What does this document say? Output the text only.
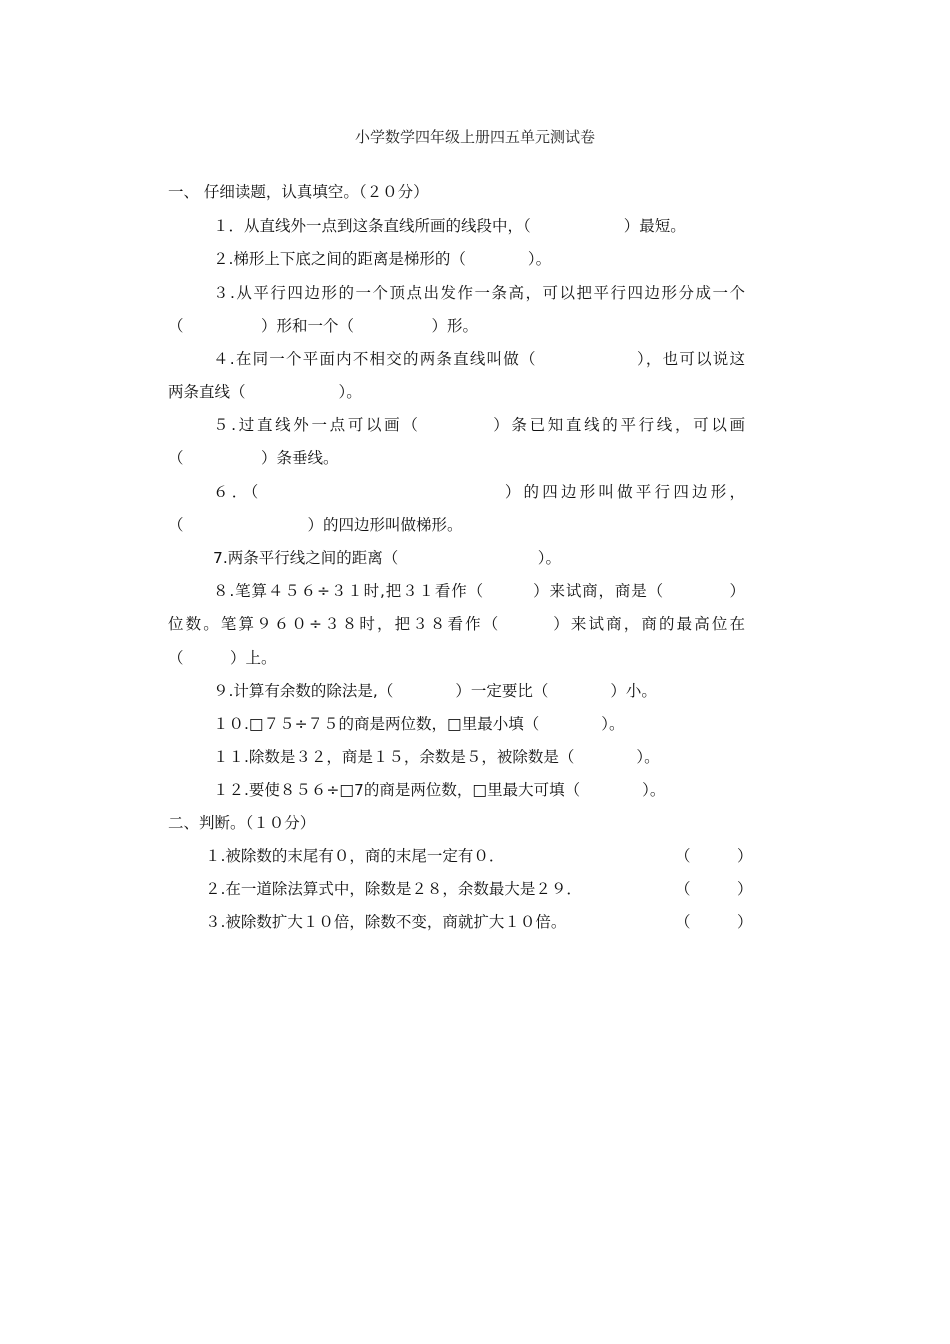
小学数学四年级上册四五单元测试卷
一、 仔细读题，认真填空。（２０分）
１．从直线外一点到这条直线所画的线段中，（　　　　　　）最短。
２.梯形上下底之间的距离是梯形的（　　　　）。
３.从平行四边形的一个顶点出发作一条高，可以把平行四边形分成一个
（　　　　　）形和一个（　　　　　）形。
４.在同一个平面内不相交的两条直线叫做（　　　　　　），也可以说这
两条直线（　　　　　　）。
５.过直线外一点可以画（　　　　）条已知直线的平行线，可以画
（　　　　　）条垂线。
６．（　　　　　　　　　　　　　）的四边形叫做平行四边形，
（　　　　　　　　）的四边形叫做梯形。
7.两条平行线之间的距离（　　　　　　　　　）。
８.笔算４５６÷３１时,把３１看作（　　　）来试商，商是（　　　　）
位数。笔算９６０÷３８时，把３８看作（　　　）来试商，商的最高位在
（　　　）上。
９.计算有余数的除法是,（　　　　）一定要比（　　　　）小。
１０.□７５÷７５的商是两位数，□里最小填（　　　　）。
１１.除数是３２，商是１５，余数是５，被除数是（　　　　）。
１２.要使８５６÷□7的商是两位数，□里最大可填（　　　　）。
二、判断。（１０分）
１.被除数的末尾有０，商的末尾一定有０．	（　　　）
２.在一道除法算式中，除数是２８，余数最大是２９．	（　　　）
３.被除数扩大１０倍，除数不变，商就扩大１０倍。	（　　　）
